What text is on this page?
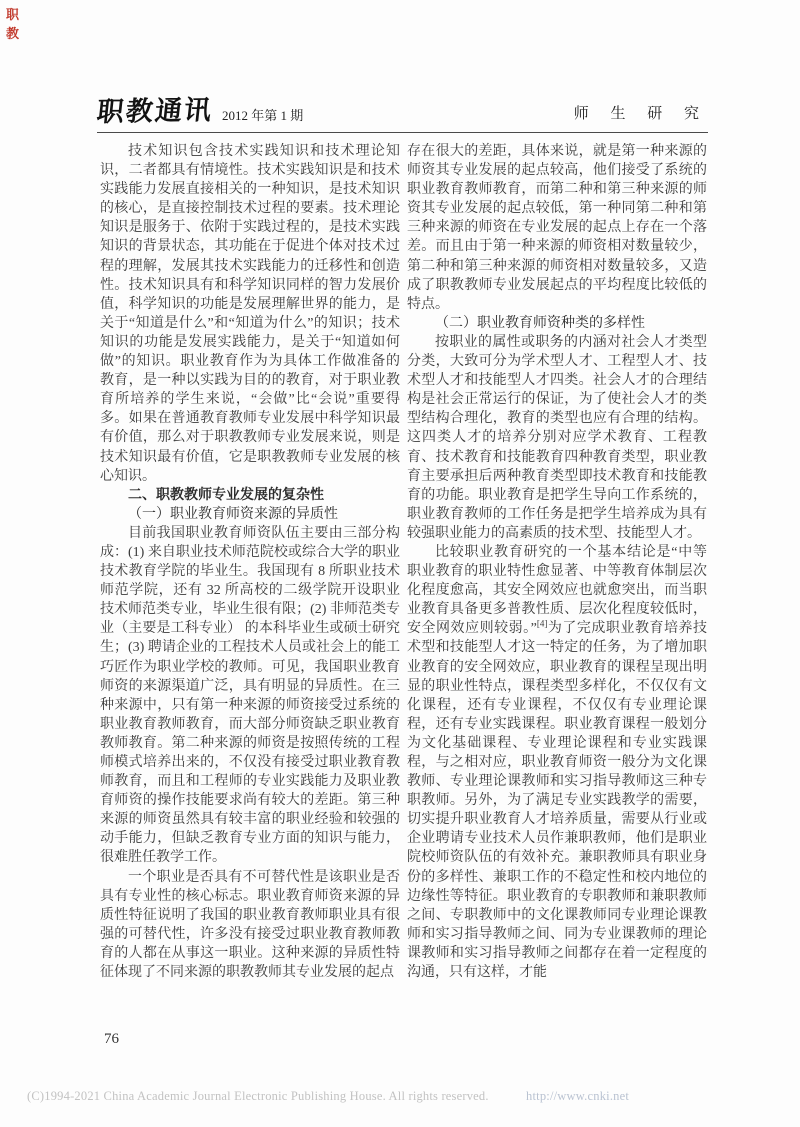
职
教
职教通讯 2012 年第 1 期	师 生 研 究

技术知识包含技术实践知识和技术理论知识，二者都具有情境性。技术实践知识是和技术实践能力发展直接相关的一种知识，是技术知识的核心，是直接控制技术过程的要素。技术理论知识是服务于、依附于实践过程的，是技术实践知识的背景状态，其功能在于促进个体对技术过程的理解，发展其技术实践能力的迁移性和创造性。技术知识具有和科学知识同样的智力发展价值，科学知识的功能是发展理解世界的能力，是关于“知道是什么”和“知道为什么”的知识；技术知识的功能是发展实践能力，是关于“知道如何做”的知识。职业教育作为为具体工作做准备的教育，是一种以实践为目的的教育，对于职业教育所培养的学生来说，“会做”比“会说”重要得多。如果在普通教育教师专业发展中科学知识最有价值，那么对于职教教师专业发展来说，则是技术知识最有价值，它是职教教师专业发展的核心知识。

二、职教教师专业发展的复杂性

（一）职业教育师资来源的异质性

目前我国职业教育师资队伍主要由三部分构成：(1) 来自职业技术师范院校或综合大学的职业技术教育学院的毕业生。我国现有 8 所职业技术师范学院，还有 32 所高校的二级学院开设职业技术师范类专业，毕业生很有限；(2) 非师范类专业（主要是工科专业） 的本科毕业生或硕士研究生；(3) 聘请企业的工程技术人员或社会上的能工巧匠作为职业学校的教师。可见，我国职业教育师资的来源渠道广泛，具有明显的异质性。在三种来源中，只有第一种来源的师资接受过系统的职业教育教师教育，而大部分师资缺乏职业教育教师教育。第二种来源的师资是按照传统的工程师模式培养出来的，不仅没有接受过职业教育教师教育，而且和工程师的专业实践能力及职业教育师资的操作技能要求尚有较大的差距。第三种来源的师资虽然具有较丰富的职业经验和较强的动手能力，但缺乏教育专业方面的知识与能力，很难胜任教学工作。

一个职业是否具有不可替代性是该职业是否具有专业性的核心标志。职业教育师资来源的异质性特征说明了我国的职业教育教师职业具有很强的可替代性，许多没有接受过职业教育教师教育的人都在从事这一职业。这种来源的异质性特征体现了不同来源的职教教师其专业发展的起点

存在很大的差距，具体来说，就是第一种来源的师资其专业发展的起点较高，他们接受了系统的职业教育教师教育，而第二种和第三种来源的师资其专业发展的起点较低，第一种同第二种和第三种来源的师资在专业发展的起点上存在一个落差。而且由于第一种来源的师资相对数量较少，第二种和第三种来源的师资相对数量较多，又造成了职教教师专业发展起点的平均程度比较低的特点。

（二）职业教育师资种类的多样性

按职业的属性或职务的内涵对社会人才类型分类，大致可分为学术型人才、工程型人才、技术型人才和技能型人才四类。社会人才的合理结构是社会正常运行的保证，为了使社会人才的类型结构合理化，教育的类型也应有合理的结构。这四类人才的培养分别对应学术教育、工程教育、技术教育和技能教育四种教育类型，职业教育主要承担后两种教育类型即技术教育和技能教育的功能。职业教育是把学生导向工作系统的，职业教育教师的工作任务是把学生培养成为具有较强职业能力的高素质的技术型、技能型人才。

比较职业教育研究的一个基本结论是“中等职业教育的职业特性愈显著、中等教育体制层次化程度愈高，其安全网效应也就愈突出，而当职业教育具备更多普教性质、层次化程度较低时，安全网效应则较弱。”[4]为了完成职业教育培养技术型和技能型人才这一特定的任务，为了增加职业教育的安全网效应，职业教育的课程呈现出明显的职业性特点，课程类型多样化，不仅仅有文化课程，还有专业课程，不仅仅有专业理论课程，还有专业实践课程。职业教育课程一般划分为文化基础课程、专业理论课程和专业实践课程，与之相对应，职业教育师资一般分为文化课教师、专业理论课教师和实习指导教师这三种专职教师。另外，为了满足专业实践教学的需要，切实提升职业教育人才培养质量，需要从行业或企业聘请专业技术人员作兼职教师，他们是职业院校师资队伍的有效补充。兼职教师具有职业身份的多样性、兼职工作的不稳定性和校内地位的边缘性等特征。职业教育的专职教师和兼职教师之间、专职教师中的文化课教师同专业理论课教师和实习指导教师之间、同为专业课教师的理论课教师和实习指导教师之间都存在着一定程度的沟通，只有这样，才能

76
(C)1994-2021 China Academic Journal Electronic Publishing House. All rights reserved.	http://www.cnki.net
